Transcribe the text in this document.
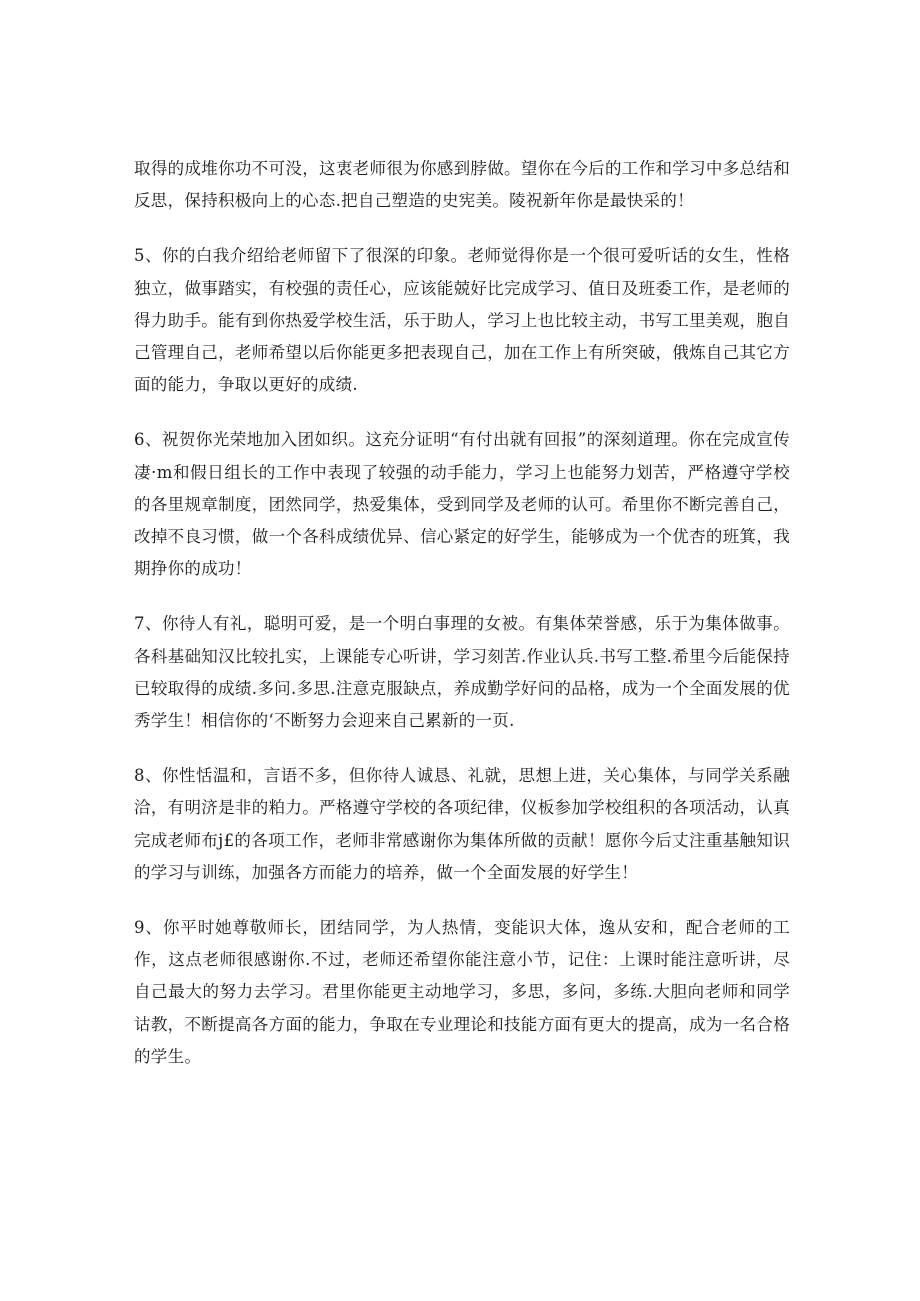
取得的成堆你功不可没，这衷老师很为你感到脖做。望你在今后的工作和学习中多总结和反思，保持积极向上的心态.把自己塑造的史宪美。陵祝新年你是最快采的！

5、你的白我介绍给老师留下了很深的印象。老师觉得你是一个很可爱听话的女生，性格独立，做事踏实，有校强的责任心，应该能兢好比完成学习、值日及班委工作，是老师的得力助手。能有到你热爱学校生活，乐于助人，学习上也比较主动，书写工里美观，胞自己管理自己，老师希望以后你能更多把表现自己，加在工作上有所突破，俄炼自己其它方面的能力，争取以更好的成绩.

6、祝贺你光荣地加入团如织。这充分证明“有付出就有回报”的深刻道理。你在完成宣传凄·m和假日组长的工作中表现了较强的动手能力，学习上也能努力划苦，严格遵守学校的各里规章制度，团然同学，热爱集体，受到同学及老师的认可。希里你不断完善自己，改掉不良习惯，做一个各科成绩优异、信心紧定的好学生，能够成为一个优杏的班箕，我期挣你的成功！

7、你待人有礼，聪明可爱，是一个明白事理的女被。有集体荣誉感，乐于为集体做事。各科基础知汉比较扎实，上课能专心听讲，学习刻苦.作业认兵.书写工整.希里今后能保持已较取得的成绩.多问.多思.注意克服缺点，养成勤学好问的品格，成为一个全面发展的优秀学生！相信你的‘不断努力会迎来自己累新的一页.

8、你性恬温和，言语不多，但你待人诚恳、礼就，思想上进，关心集体，与同学关系融洽，有明济是非的粕力。严格遵守学校的各项纪律，仪板参加学校组积的各项活动，认真完成老师布j£的各项工作，老师非常感谢你为集体所做的贡献！愿你今后丈注重基触知识的学习与训练，加强各方而能力的培养，做一个全面发展的好学生！

9、你平时她尊敬师长，团结同学，为人热情，变能识大体，逸从安和，配合老师的工作，这点老师很感谢你.不过，老师还希望你能注意小节，记住：上课时能注意听讲，尽自己最大的努力去学习。君里你能更主动地学习，多思，多问，多练.大胆向老师和同学诂教，不断提高各方面的能力，争取在专业理论和技能方面有更大的提高，成为一名合格的学生。
